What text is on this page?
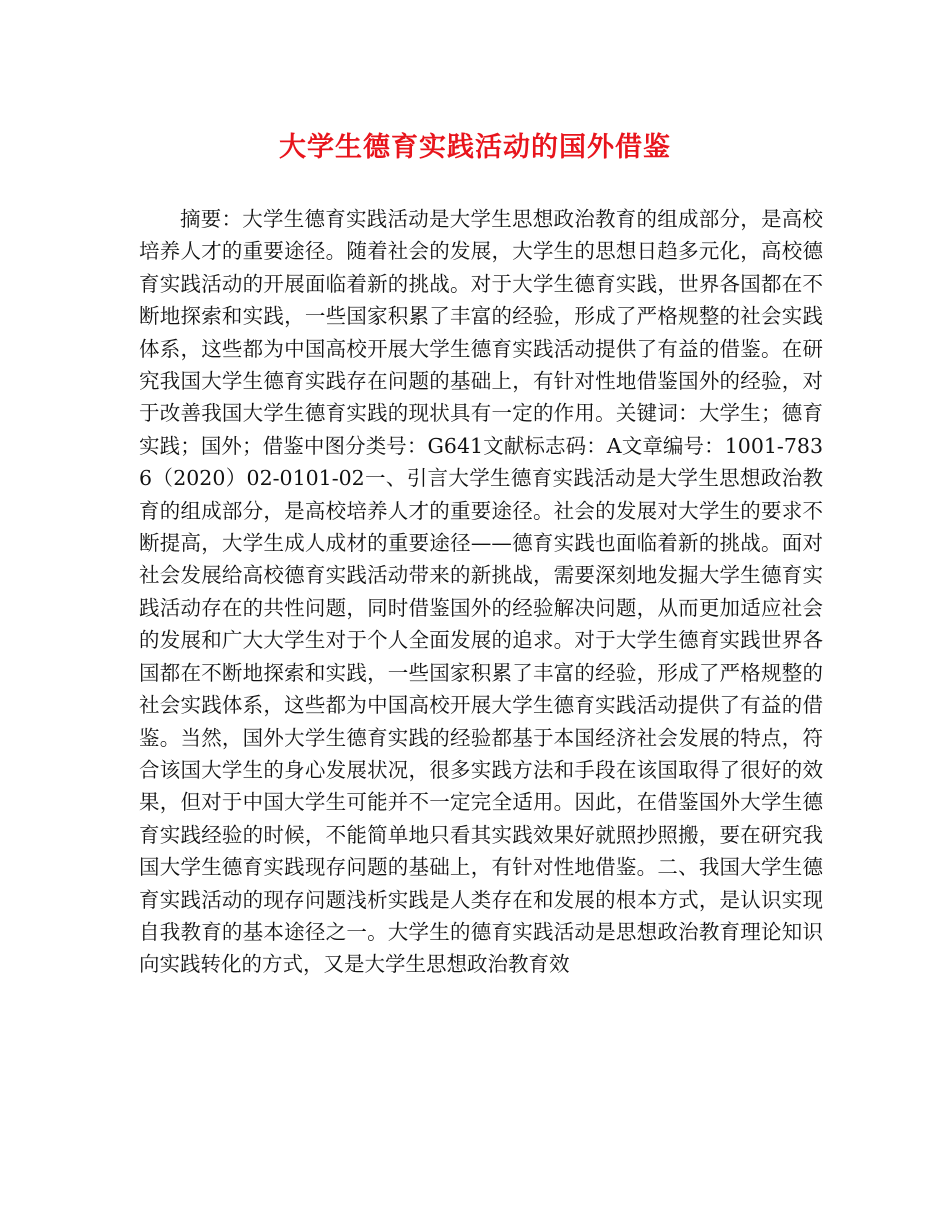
大学生德育实践活动的国外借鉴

摘要：大学生德育实践活动是大学生思想政治教育的组成部分，是高校培养人才的重要途径。随着社会的发展，大学生的思想日趋多元化，高校德育实践活动的开展面临着新的挑战。对于大学生德育实践，世界各国都在不断地探索和实践，一些国家积累了丰富的经验，形成了严格规整的社会实践体系，这些都为中国高校开展大学生德育实践活动提供了有益的借鉴。在研究我国大学生德育实践存在问题的基础上，有针对性地借鉴国外的经验，对于改善我国大学生德育实践的现状具有一定的作用。关键词：大学生；德育实践；国外；借鉴中图分类号：G641文献标志码：A文章编号：1001-7836（2020）02-0101-02一、引言大学生德育实践活动是大学生思想政治教育的组成部分，是高校培养人才的重要途径。社会的发展对大学生的要求不断提高，大学生成人成材的重要途径——德育实践也面临着新的挑战。面对社会发展给高校德育实践活动带来的新挑战，需要深刻地发掘大学生德育实践活动存在的共性问题，同时借鉴国外的经验解决问题，从而更加适应社会的发展和广大大学生对于个人全面发展的追求。对于大学生德育实践世界各国都在不断地探索和实践，一些国家积累了丰富的经验，形成了严格规整的社会实践体系，这些都为中国高校开展大学生德育实践活动提供了有益的借鉴。当然，国外大学生德育实践的经验都基于本国经济社会发展的特点，符合该国大学生的身心发展状况，很多实践方法和手段在该国取得了很好的效果，但对于中国大学生可能并不一定完全适用。因此，在借鉴国外大学生德育实践经验的时候，不能简单地只看其实践效果好就照抄照搬，要在研究我国大学生德育实践现存问题的基础上，有针对性地借鉴。二、我国大学生德育实践活动的现存问题浅析实践是人类存在和发展的根本方式，是认识实现自我教育的基本途径之一。大学生的德育实践活动是思想政治教育理论知识向实践转化的方式，又是大学生思想政治教育效
